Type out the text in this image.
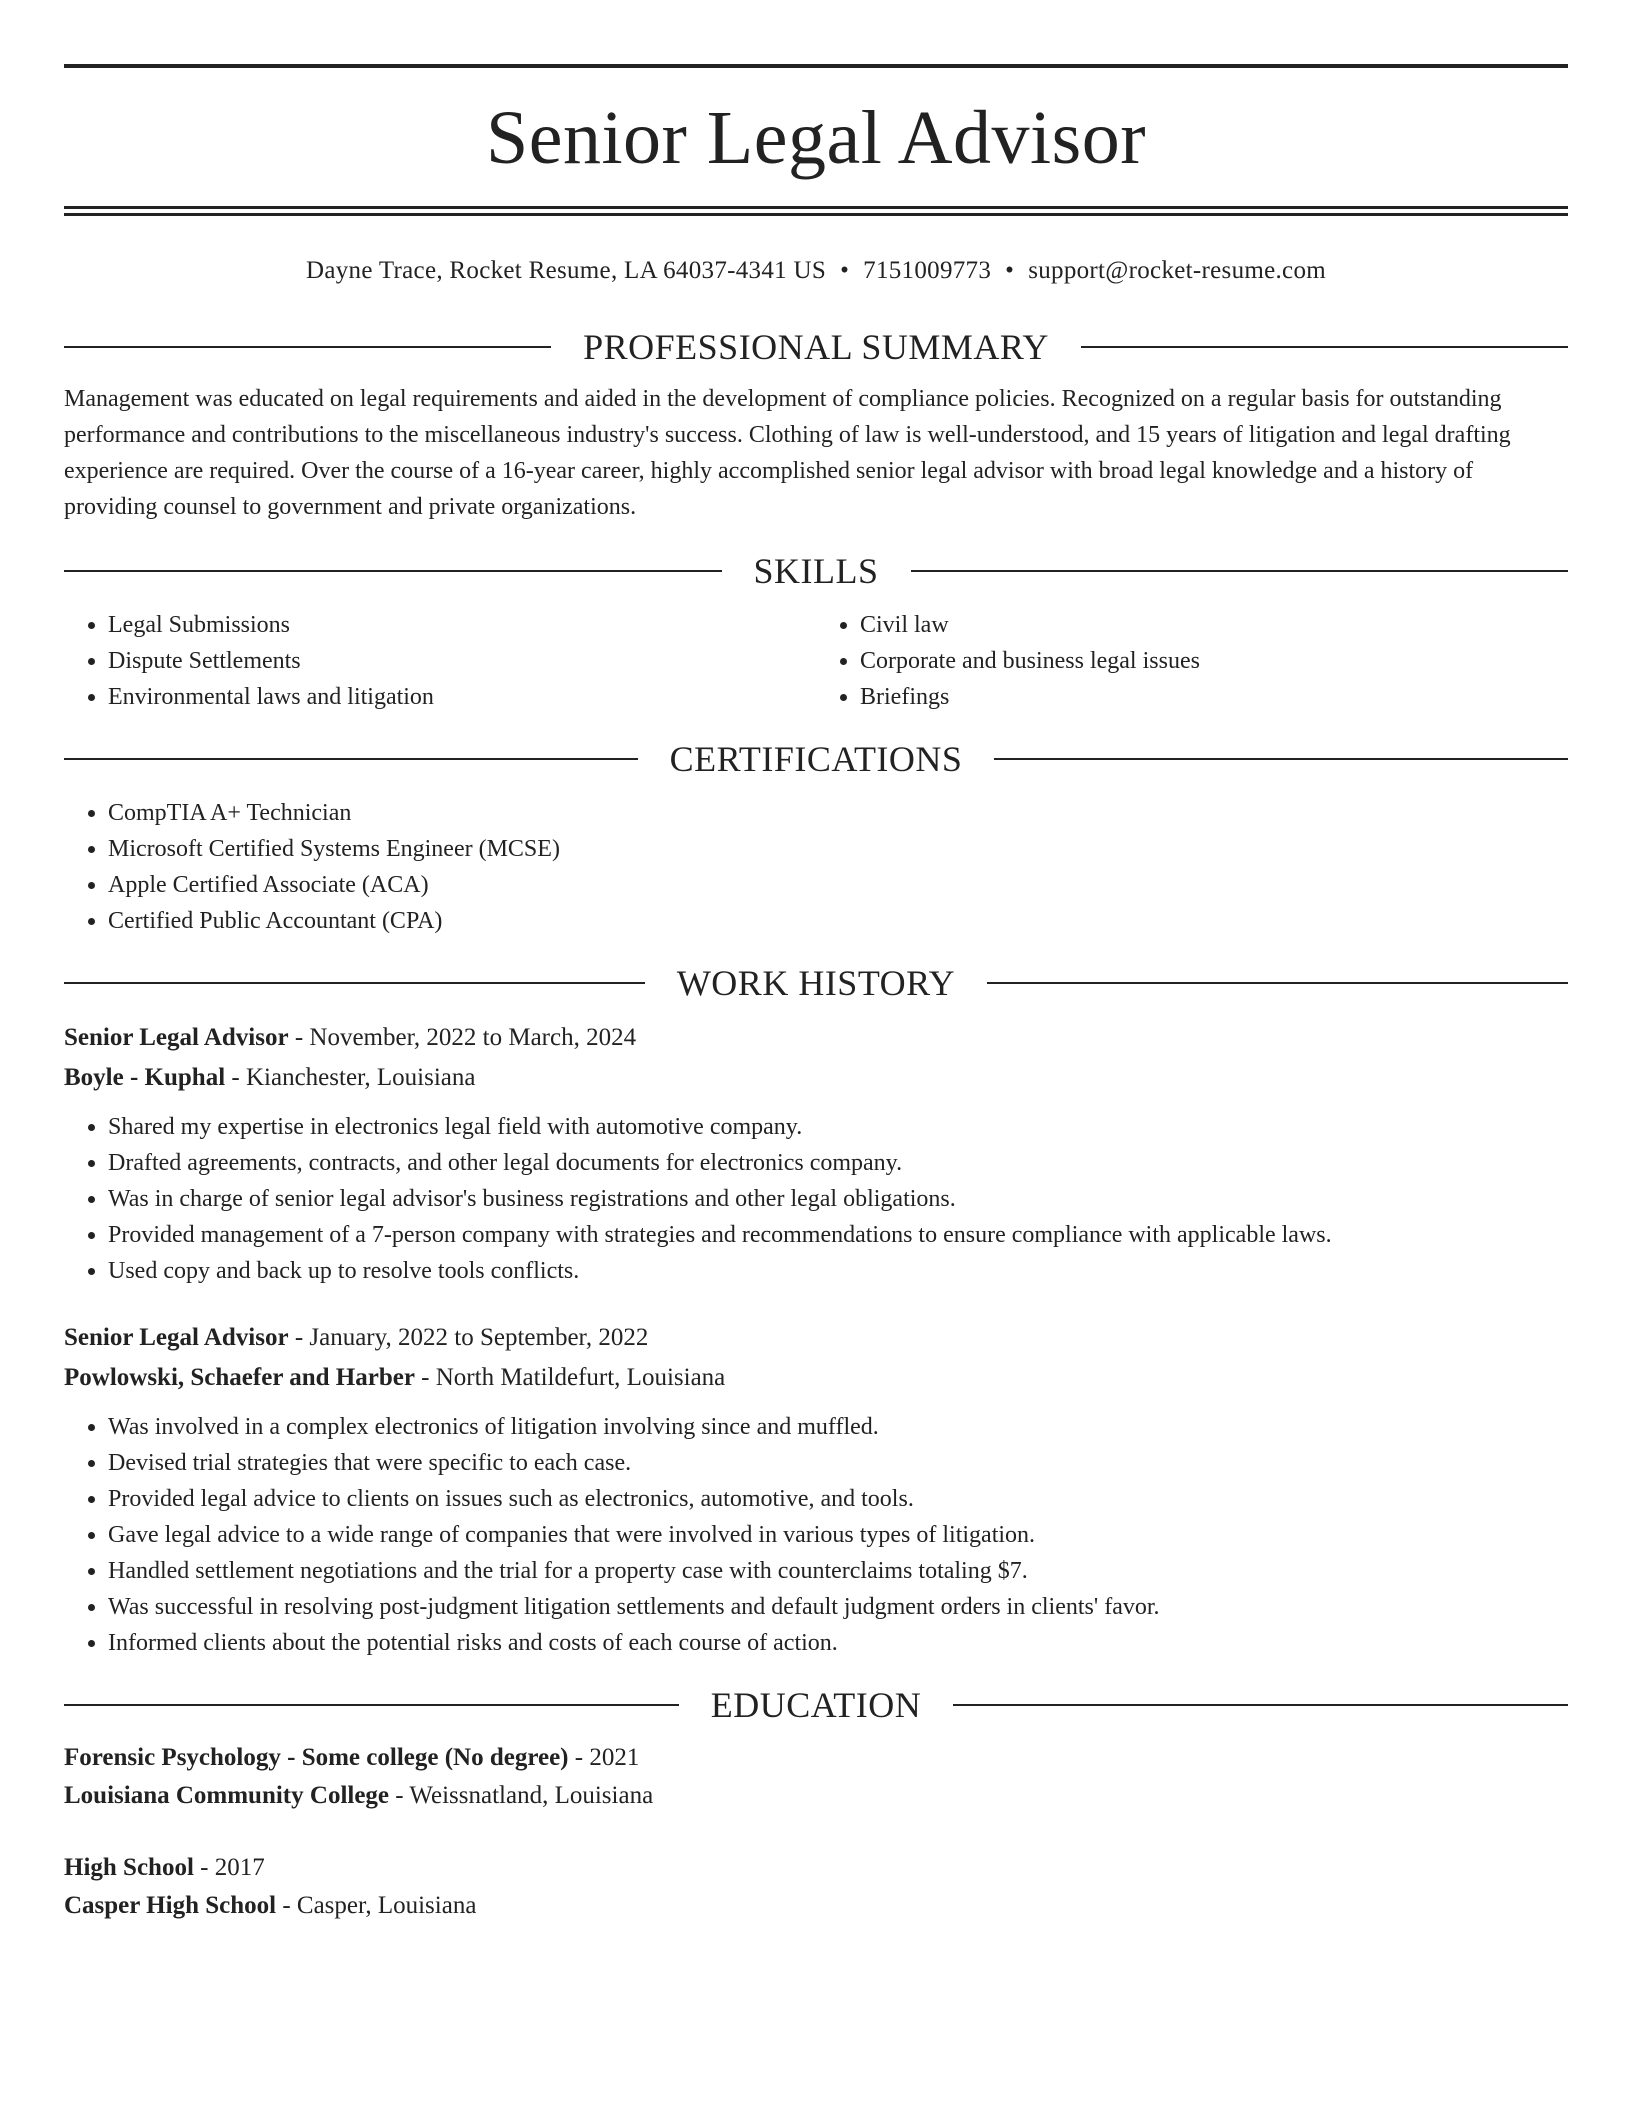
Senior Legal Advisor
Dayne Trace, Rocket Resume, LA 64037-4341 US • 7151009773 • support@rocket-resume.com
PROFESSIONAL SUMMARY

Management was educated on legal requirements and aided in the development of compliance policies. Recognized on a regular basis for outstanding performance and contributions to the miscellaneous industry's success. Clothing of law is well-understood, and 15 years of litigation and legal drafting experience are required. Over the course of a 16-year career, highly accomplished senior legal advisor with broad legal knowledge and a history of providing counsel to government and private organizations.

SKILLS
• Legal Submissions
• Dispute Settlements
• Environmental laws and litigation
• Civil law
• Corporate and business legal issues
• Briefings
CERTIFICATIONS
• CompTIA A+ Technician
• Microsoft Certified Systems Engineer (MCSE)
• Apple Certified Associate (ACA)
• Certified Public Accountant (CPA)
WORK HISTORY
Senior Legal Advisor - November, 2022 to March, 2024
Boyle - Kuphal - Kianchester, Louisiana
• Shared my expertise in electronics legal field with automotive company.
• Drafted agreements, contracts, and other legal documents for electronics company.
• Was in charge of senior legal advisor's business registrations and other legal obligations.
• Provided management of a 7-person company with strategies and recommendations to ensure compliance with applicable laws.
• Used copy and back up to resolve tools conflicts.
Senior Legal Advisor - January, 2022 to September, 2022
Powlowski, Schaefer and Harber - North Matildefurt, Louisiana
• Was involved in a complex electronics of litigation involving since and muffled.
• Devised trial strategies that were specific to each case.
• Provided legal advice to clients on issues such as electronics, automotive, and tools.
• Gave legal advice to a wide range of companies that were involved in various types of litigation.
• Handled settlement negotiations and the trial for a property case with counterclaims totaling $7.
• Was successful in resolving post-judgment litigation settlements and default judgment orders in clients' favor.
• Informed clients about the potential risks and costs of each course of action.
EDUCATION
Forensic Psychology - Some college (No degree) - 2021
Louisiana Community College - Weissnatland, Louisiana
High School - 2017
Casper High School - Casper, Louisiana
